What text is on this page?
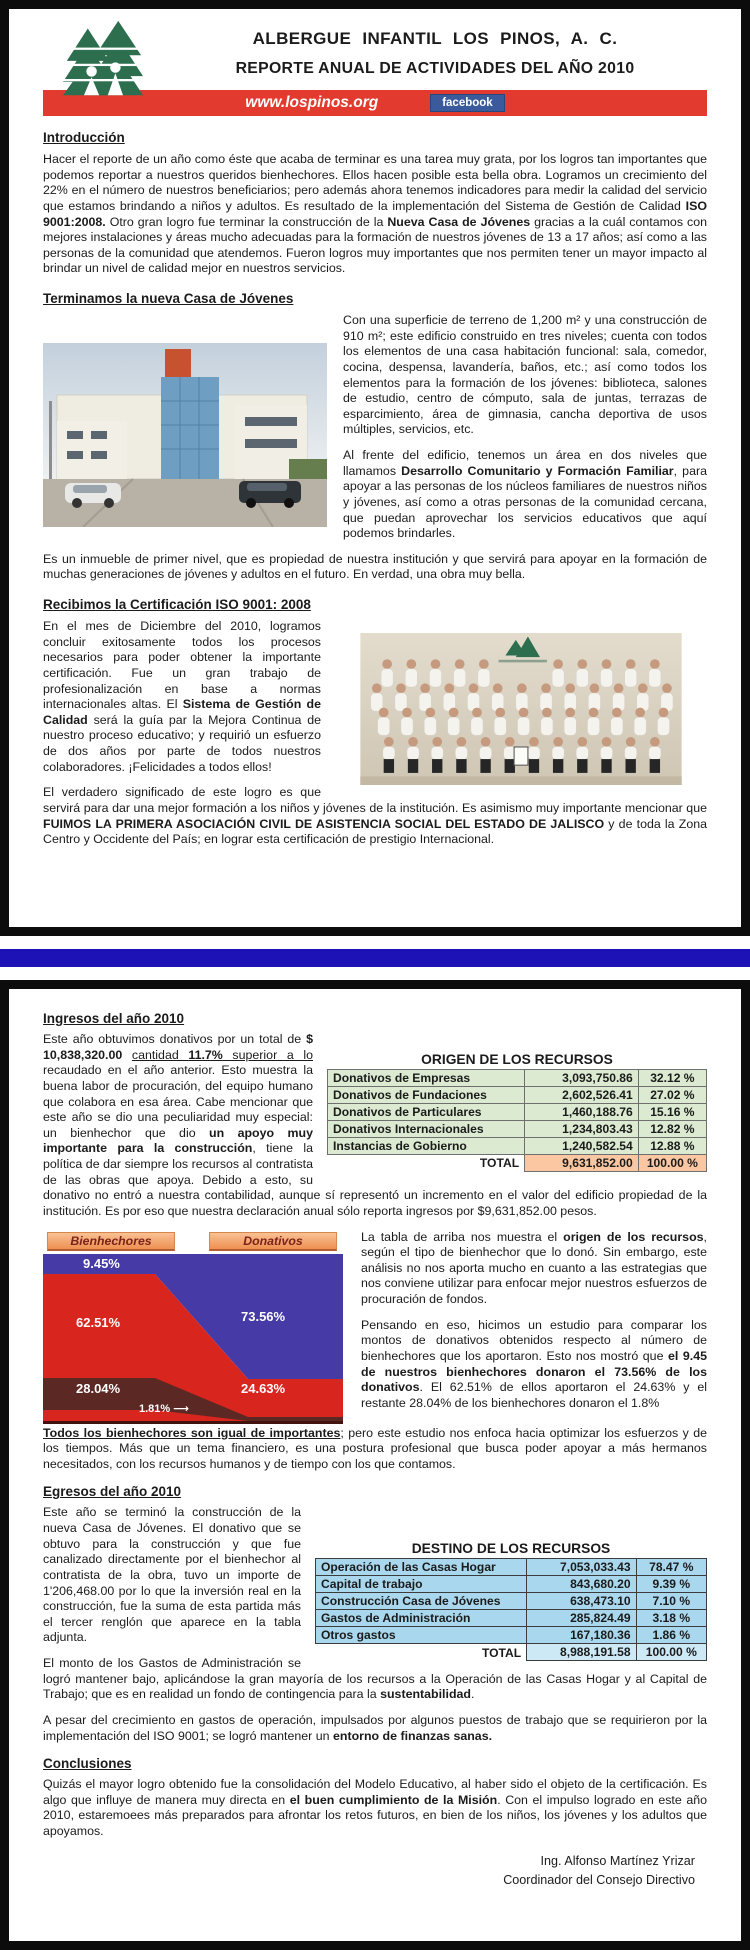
ALBERGUE INFANTIL LOS PINOS, A. C.
REPORTE ANUAL DE ACTIVIDADES DEL AÑO 2010
www.lospinos.org	facebook
Introducción

Hacer el reporte de un año como éste que acaba de terminar es una tarea muy grata, por los logros tan importantes que podemos reportar a nuestros queridos bienhechores. Ellos hacen posible esta bella obra. Logramos un crecimiento del 22% en el número de nuestros beneficiarios; pero además ahora tenemos indicadores para medir la calidad del servicio que estamos brindando a niños y adultos. Es resultado de la implementación del Sistema de Gestión de Calidad ISO 9001:2008. Otro gran logro fue terminar la construcción de la Nueva Casa de Jóvenes gracias a la cuál contamos con mejores instalaciones y áreas mucho adecuadas para la formación de nuestros jóvenes de 13 a 17 años; así como a las personas de la comunidad que atendemos. Fueron logros muy importantes que nos permiten tener un mayor impacto al brindar un nivel de calidad mejor en nuestros servicios.

Terminamos la nueva Casa de Jóvenes

Con una superficie de terreno de 1,200 m² y una construcción de 910 m²; este edificio construido en tres niveles; cuenta con todos los elementos de una casa habitación funcional: sala, comedor, cocina, despensa, lavandería, baños, etc.; así como todos los elementos para la formación de los jóvenes: biblioteca, salones de estudio, centro de cómputo, sala de juntas, terrazas de esparcimiento, área de gimnasia, cancha deportiva de usos múltiples, servicios, etc.

Al frente del edificio, tenemos un área en dos niveles que llamamos Desarrollo Comunitario y Formación Familiar, para apoyar a las personas de los núcleos familiares de nuestros niños y jóvenes, así como a otras personas de la comunidad cercana, que puedan aprovechar los servicios educativos que aquí podemos brindarles.

Es un inmueble de primer nivel, que es propiedad de nuestra institución y que servirá para apoyar en la formación de muchas generaciones de jóvenes y adultos en el futuro. En verdad, una obra muy bella.

Recibimos la Certificación ISO 9001: 2008

En el mes de Diciembre del 2010, logramos concluir exitosamente todos los procesos necesarios para poder obtener la importante certificación. Fue un gran trabajo de profesionalización en base a normas internacionales altas. El Sistema de Gestión de Calidad será la guía par la Mejora Continua de nuestro proceso educativo; y requirió un esfuerzo de dos años por parte de todos nuestros colaboradores. ¡Felicidades a todos ellos!

El verdadero significado de este logro es que servirá para dar una mejor formación a los niños y jóvenes de la institución. Es asimismo muy importante mencionar que FUIMOS LA PRIMERA ASOCIACIÓN CIVIL DE ASISTENCIA SOCIAL DEL ESTADO DE JALISCO y de toda la Zona Centro y Occidente del País; en lograr esta certificación de prestigio Internacional.

Ingresos del año 2010
ORIGEN DE LOS RECURSOS
Donativos de Empresas	3,093,750.86	32.12 %
Donativos de Fundaciones	2,602,526.41	27.02 %
Donativos de Particulares	1,460,188.76	15.16 %
Donativos Internacionales	1,234,803.43	12.82 %
Instancias de Gobierno	1,240,582.54	12.88 %
TOTAL	9,631,852.00	100.00 %

Este año obtuvimos donativos por un total de $ 10,838,320.00 cantidad 11.7% superior a lo recaudado en el año anterior. Esto muestra la buena labor de procuración, del equipo humano que colabora en esa área. Cabe mencionar que este año se dio una peculiaridad muy especial: un bienhechor que dio un apoyo muy importante para la construcción, tiene la política de dar siempre los recursos al contratista de las obras que apoya. Debido a esto, su donativo no entró a nuestra contabilidad, aunque sí representó un incremento en el valor del edificio propiedad de la institución. Es por eso que nuestra declaración anual sólo reporta ingresos por $9,631,852.00 pesos.

Bienhechores	Donativos
9.45%
62.51%
28.04%
1.81% ⟶
73.56%
24.63%

La tabla de arriba nos muestra el origen de los recursos, según el tipo de bienhechor que lo donó. Sin embargo, este análisis no nos aporta mucho en cuanto a las estrategias que nos conviene utilizar para enfocar mejor nuestros esfuerzos de procuración de fondos.

Pensando en eso, hicimos un estudio para comparar los montos de donativos obtenidos respecto al número de bienhechores que los aportaron. Esto nos mostró que el 9.45 de nuestros bienhechores donaron el 73.56% de los donativos. El 62.51% de ellos aportaron el 24.63% y el restante 28.04% de los bienhechores donaron el 1.8%

Todos los bienhechores son igual de importantes; pero este estudio nos enfoca hacia optimizar los esfuerzos y de los tiempos. Más que un tema financiero, es una postura profesional que busca poder apoyar a más hermanos necesitados, con los recursos humanos y de tiempo con los que contamos.

Egresos del año 2010
DESTINO DE LOS RECURSOS
Operación de las Casas Hogar	7,053,033.43	78.47 %
Capital de trabajo	843,680.20	9.39 %
Construcción Casa de Jóvenes	638,473.10	7.10 %
Gastos de Administración	285,824.49	3.18 %
Otros gastos	167,180.36	1.86 %
TOTAL	8,988,191.58	100.00 %

Este año se terminó la construcción de la nueva Casa de Jóvenes. El donativo que se obtuvo para la construcción y que fue canalizado directamente por el bienhechor al contratista de la obra, tuvo un importe de 1'206,468.00 por lo que la inversión real en la construcción, fue la suma de esta partida más el tercer renglón que aparece en la tabla adjunta.

El monto de los Gastos de Administración se logró mantener bajo, aplicándose la gran mayoría de los recursos a la Operación de las Casas Hogar y al Capital de Trabajo; que es en realidad un fondo de contingencia para la sustentabilidad.

A pesar del crecimiento en gastos de operación, impulsados por algunos puestos de trabajo que se requirieron por la implementación del ISO 9001; se logró mantener un entorno de finanzas sanas.

Conclusiones

Quizás el mayor logro obtenido fue la consolidación del Modelo Educativo, al haber sido el objeto de la certificación. Es algo que influye de manera muy directa en el buen cumplimiento de la Misión. Con el impulso logrado en este año 2010, estaremoees más preparados para afrontar los retos futuros, en bien de los niños, los jóvenes y los adultos que apoyamos.

Ing. Alfonso Martínez Yrizar
Coordinador del Consejo Directivo
